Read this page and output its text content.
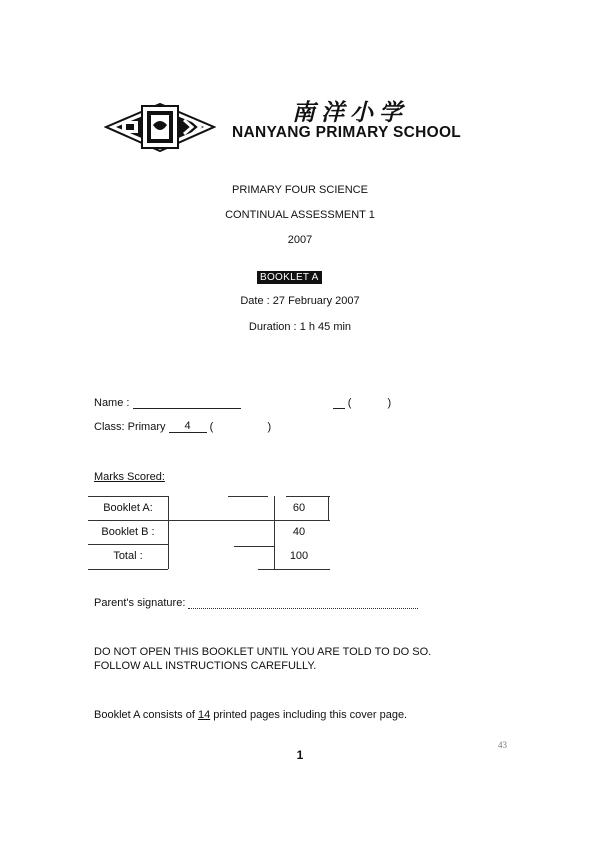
南洋小学
NANYANG PRIMARY SCHOOL
PRIMARY FOUR SCIENCE
CONTINUAL ASSESSMENT 1
2007
BOOKLET A
Date : 27 February 2007
Duration : 1 h 45 min
Name :	(	)
Class: Primary 4 (	)
Marks Scored:
Booklet A:	60
Booklet B :	40
Total :	100
Parent's signature:
DO NOT OPEN THIS BOOKLET UNTIL YOU ARE TOLD TO DO SO.
FOLLOW ALL INSTRUCTIONS CAREFULLY.
Booklet A consists of 14 printed pages including this cover page.
43
1
